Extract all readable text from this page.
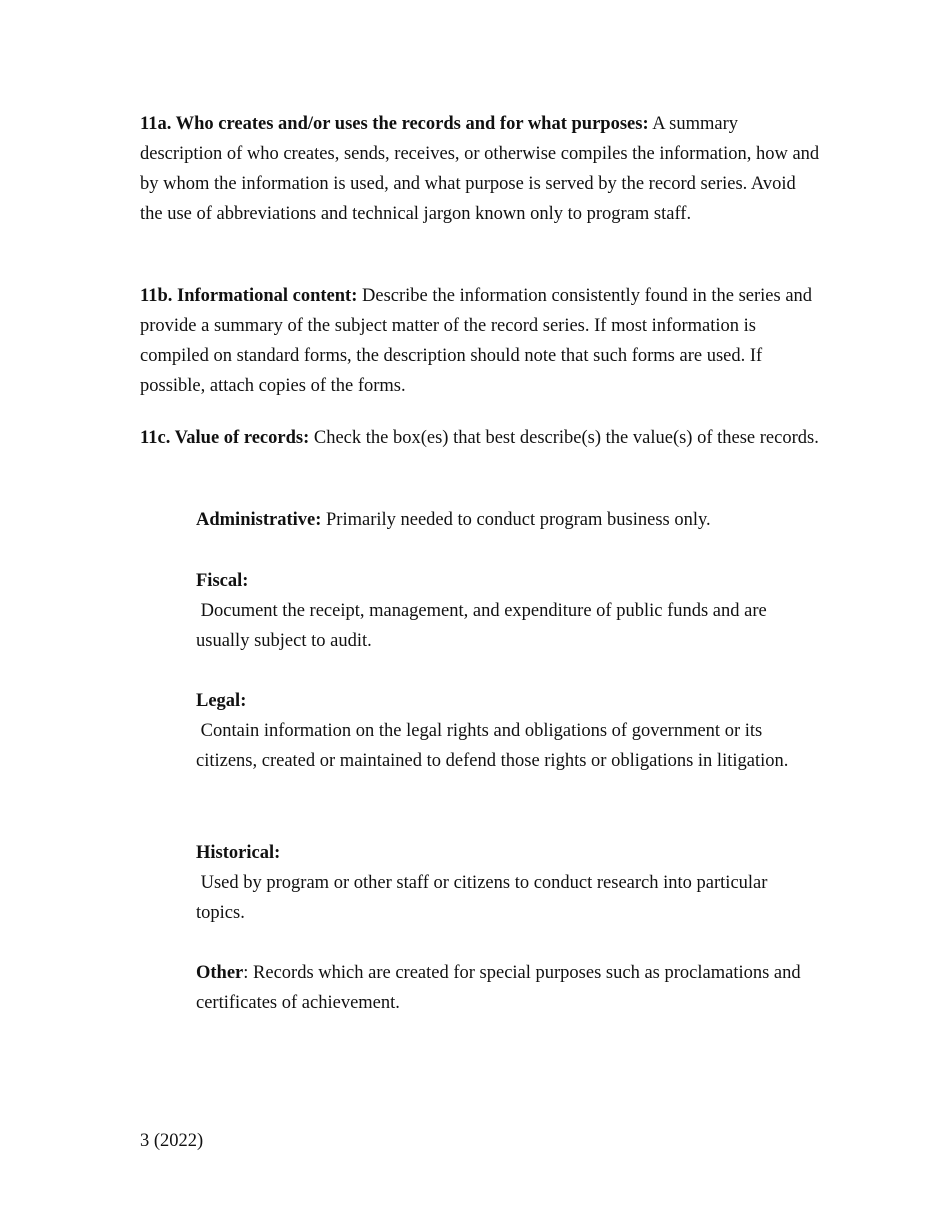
11a. Who creates and/or uses the records and for what purposes: A summary description of who creates, sends, receives, or otherwise compiles the information, how and by whom the information is used, and what purpose is served by the record series. Avoid the use of abbreviations and technical jargon known only to program staff.

11b. Informational content: Describe the information consistently found in the series and provide a summary of the subject matter of the record series. If most information is compiled on standard forms, the description should note that such forms are used. If possible, attach copies of the forms.

11c. Value of records: Check the box(es) that best describe(s) the value(s) of these records.

Administrative: Primarily needed to conduct program business only.

Fiscal:
Document the receipt, management, and expenditure of public funds and are usually subject to audit.

Legal:
Contain information on the legal rights and obligations of government or its citizens, created or maintained to defend those rights or obligations in litigation.

Historical:
Used by program or other staff or citizens to conduct research into particular topics.

Other: Records which are created for special purposes such as proclamations and certificates of achievement.

3 (2022)
